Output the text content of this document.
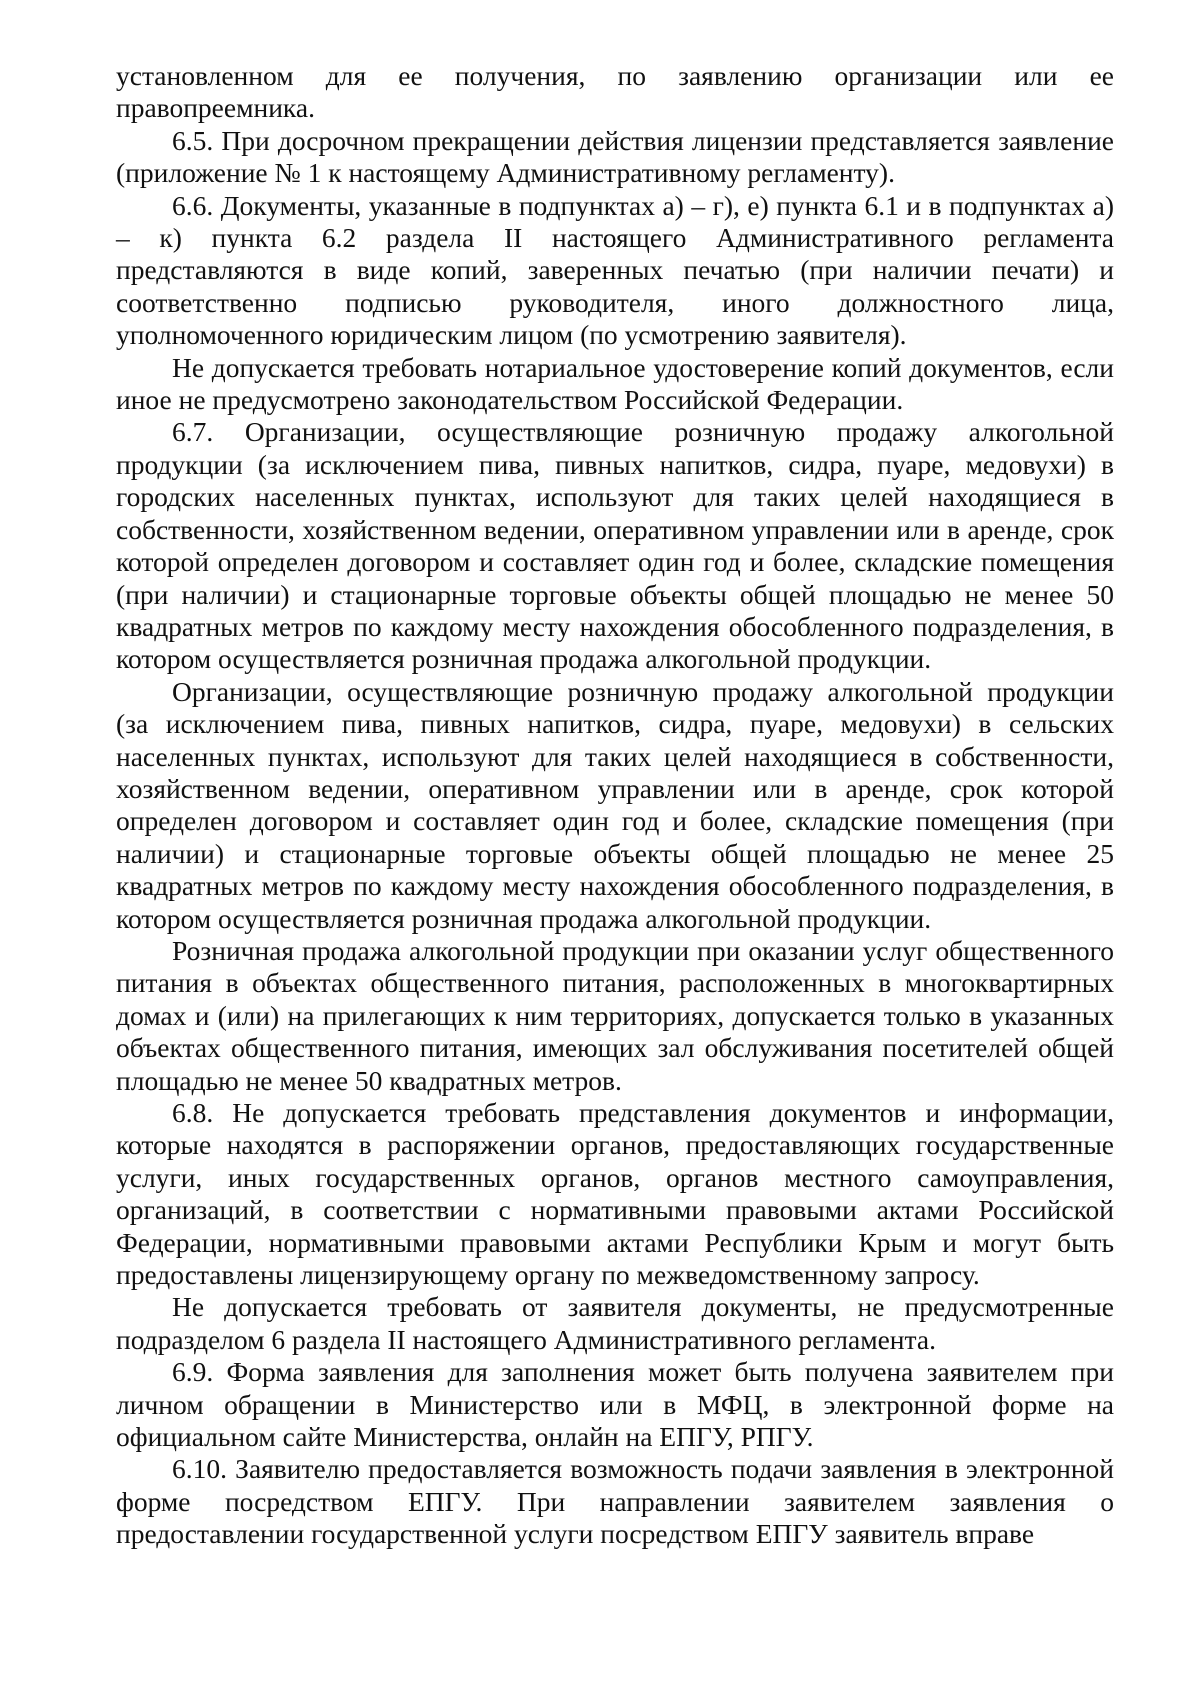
установленном для ее получения, по заявлению организации или ее правопреемника.

6.5. При досрочном прекращении действия лицензии представляется заявление (приложение № 1 к настоящему Административному регламенту).

6.6. Документы, указанные в подпунктах а) – г), е) пункта 6.1 и в подпунктах а) – к) пункта 6.2 раздела II настоящего Административного регламента представляются в виде копий, заверенных печатью (при наличии печати) и соответственно подписью руководителя, иного должностного лица, уполномоченного юридическим лицом (по усмотрению заявителя).

Не допускается требовать нотариальное удостоверение копий документов, если иное не предусмотрено законодательством Российской Федерации.

6.7. Организации, осуществляющие розничную продажу алкогольной продукции (за исключением пива, пивных напитков, сидра, пуаре, медовухи) в городских населенных пунктах, используют для таких целей находящиеся в собственности, хозяйственном ведении, оперативном управлении или в аренде, срок которой определен договором и составляет один год и более, складские помещения (при наличии) и стационарные торговые объекты общей площадью не менее 50 квадратных метров по каждому месту нахождения обособленного подразделения, в котором осуществляется розничная продажа алкогольной продукции.

Организации, осуществляющие розничную продажу алкогольной продукции (за исключением пива, пивных напитков, сидра, пуаре, медовухи) в сельских населенных пунктах, используют для таких целей находящиеся в собственности, хозяйственном ведении, оперативном управлении или в аренде, срок которой определен договором и составляет один год и более, складские помещения (при наличии) и стационарные торговые объекты общей площадью не менее 25 квадратных метров по каждому месту нахождения обособленного подразделения, в котором осуществляется розничная продажа алкогольной продукции.

Розничная продажа алкогольной продукции при оказании услуг общественного питания в объектах общественного питания, расположенных в многоквартирных домах и (или) на прилегающих к ним территориях, допускается только в указанных объектах общественного питания, имеющих зал обслуживания посетителей общей площадью не менее 50 квадратных метров.

6.8. Не допускается требовать представления документов и информации, которые находятся в распоряжении органов, предоставляющих государственные услуги, иных государственных органов, органов местного самоуправления, организаций, в соответствии с нормативными правовыми актами Российской Федерации, нормативными правовыми актами Республики Крым и могут быть предоставлены лицензирующему органу по межведомственному запросу.

Не допускается требовать от заявителя документы, не предусмотренные подразделом 6 раздела II настоящего Административного регламента.

6.9. Форма заявления для заполнения может быть получена заявителем при личном обращении в Министерство или в МФЦ, в электронной форме на официальном сайте Министерства, онлайн на ЕПГУ, РПГУ.

6.10. Заявителю предоставляется возможность подачи заявления в электронной форме посредством ЕПГУ. При направлении заявителем заявления о предоставлении государственной услуги посредством ЕПГУ заявитель вправе
